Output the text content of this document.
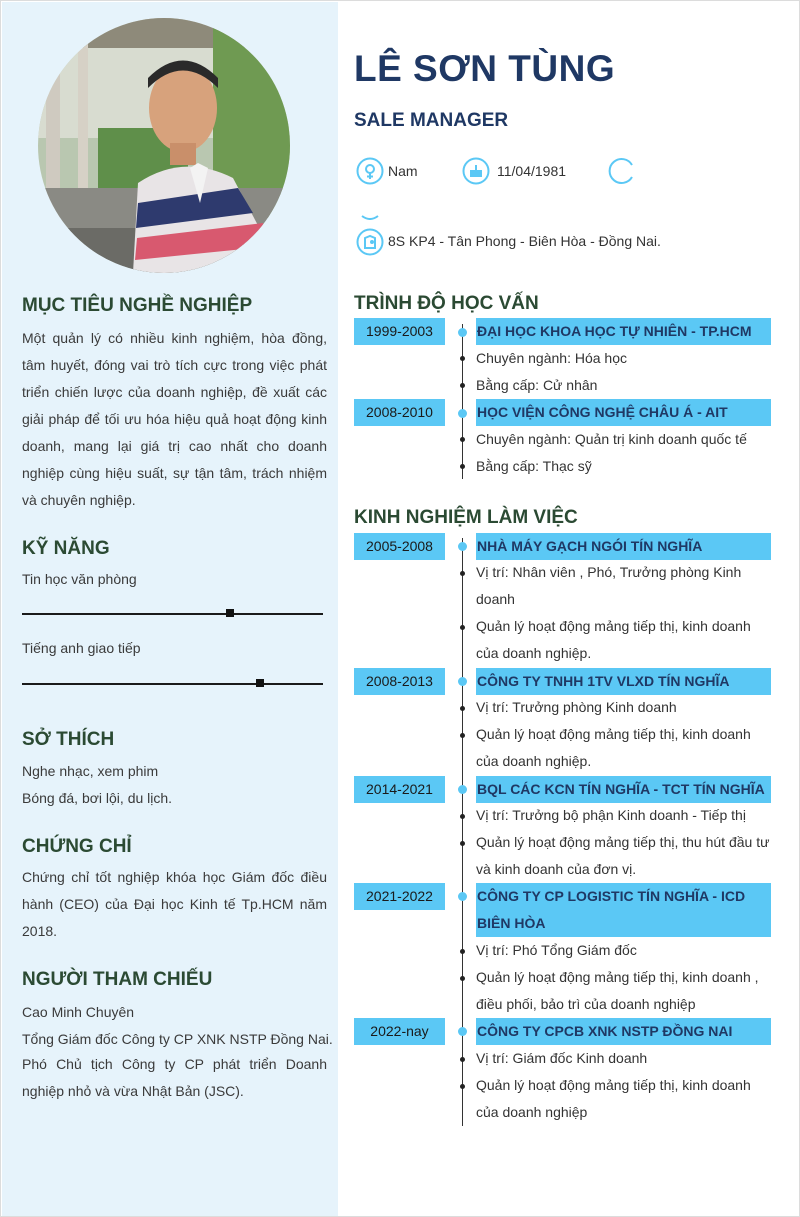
MỤC TIÊU NGHỀ NGHIỆP
Một quản lý có nhiều kinh nghiệm, hòa đồng, tâm huyết, đóng vai trò tích cực trong việc phát triển chiến lược của doanh nghiệp, đề xuất các giải pháp để tối ưu hóa hiệu quả hoạt động kinh doanh, mang lại giá trị cao nhất cho doanh nghiệp cùng hiệu suất, sự tận tâm, trách nhiệm và chuyên nghiệp.
KỸ NĂNG
Tin học văn phòng
Tiếng anh giao tiếp
SỞ THÍCH
Nghe nhạc, xem phim
Bóng đá, bơi lội, du lịch.
CHỨNG CHỈ
Chứng chỉ tốt nghiệp khóa học Giám đốc điều hành (CEO) của Đại học Kinh tế Tp.HCM năm 2018.
NGƯỜI THAM CHIẾU
Cao Minh Chuyên
Tổng Giám đốc Công ty CP XNK NSTP Đồng Nai.
Phó Chủ tịch Công ty CP phát triển Doanh nghiệp nhỏ và vừa Nhật Bản (JSC).
LÊ SƠN TÙNG
SALE MANAGER
Nam	11/04/1981
8S KP4 - Tân Phong - Biên Hòa - Đồng Nai.
TRÌNH ĐỘ HỌC VẤN
1999-2003	ĐẠI HỌC KHOA HỌC TỰ NHIÊN - TP.HCM
Chuyên ngành: Hóa học
Bằng cấp: Cử nhân
2008-2010	HỌC VIỆN CÔNG NGHỆ CHÂU Á - AIT
Chuyên ngành: Quản trị kinh doanh quốc tế
Bằng cấp: Thạc sỹ
KINH NGHIỆM LÀM VIỆC
2005-2008	NHÀ MÁY GẠCH NGÓI TÍN NGHĨA
Vị trí: Nhân viên , Phó, Trưởng phòng Kinh doanh
Quản lý hoạt động mảng tiếp thị, kinh doanh của doanh nghiệp.
2008-2013	CÔNG TY TNHH 1TV VLXD TÍN NGHĨA
Vị trí: Trưởng phòng Kinh doanh
Quản lý hoạt động mảng tiếp thị, kinh doanh của doanh nghiệp.
2014-2021	BQL CÁC KCN TÍN NGHĨA - TCT TÍN NGHĨA
Vị trí: Trưởng bộ phận Kinh doanh - Tiếp thị
Quản lý hoạt động mảng tiếp thị, thu hút đầu tư và kinh doanh của đơn vị.
2021-2022	CÔNG TY CP LOGISTIC TÍN NGHĨA - ICD BIÊN HÒA
Vị trí: Phó Tổng Giám đốc
Quản lý hoạt động mảng tiếp thị, kinh doanh , điều phối, bảo trì của doanh nghiệp
2022-nay	CÔNG TY CPCB XNK NSTP ĐỒNG NAI
Vị trí: Giám đốc Kinh doanh
Quản lý hoạt động mảng tiếp thị, kinh doanh của doanh nghiệp
